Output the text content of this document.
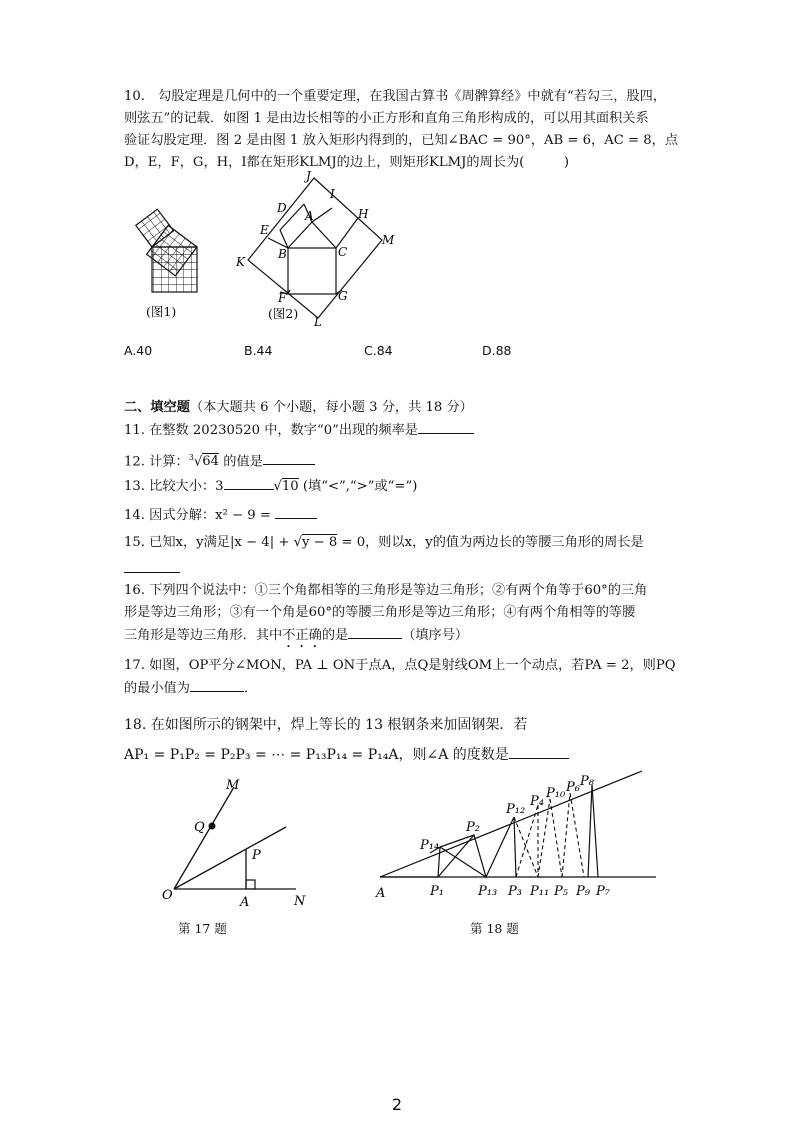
10.　勾股定理是几何中的一个重要定理，在我国古算书《周髀算经》中就有“若勾三，股四，
则弦五”的记载．如图 1 是由边长相等的小正方形和直角三角形构成的，可以用其面积关系
验证勾股定理．图 2 是由图 1 放入矩形内得到的，已知∠BAC = 90°，AB = 6，AC = 8，点
D，E，F，G，H，I都在矩形KLMJ的边上，则矩形KLMJ的周长为(　　　)
(图1)
J
I
D
A	H
E
M
B	C
K
F	G
L
(图2)
A.40	B.44	C.84	D.88
二、填空题（本大题共 6 个小题，每小题 3 分，共 18 分）
11. 在整数 20230520 中，数字“0”出现的频率是
12. 计算：$^3$√64 的值是
13. 比较大小：3	√10 (填“<”,“>”或“=”)
14. 因式分解：x² − 9 =
15. 已知x，y满足|x − 4| + √y − 8 = 0，则以x，y的值为两边长的等腰三角形的周长是
16. 下列四个说法中：①三个角都相等的三角形是等边三角形；②有两个角等于60°的三角
形是等边三角形；③有一个角是60°的等腰三角形是等边三角形；④有两个角相等的等腰
三角形是等边三角形．其中不正确的是	（填序号）
17. 如图，OP平分∠MON，PA ⊥ ON于点A，点Q是射线OM上一个动点，若PA = 2，则PQ
的最小值为	．
18. 在如图所示的钢架中，焊上等长的 13 根钢条来加固钢架．若
AP₁ = P₁P₂ = P₂P₃ = ⋯ = P₁₃P₁₄ = P₁₄A，则∠A 的度数是
M
Q
P
O	A	N
第 17 题
A	P₁
P₂
P₃
P₄
P₅
P₆
P₇
P₈
P₉
P₁₀
P₁₁
P₁₂
P₁₃
P₁₄
第 18 题
2
